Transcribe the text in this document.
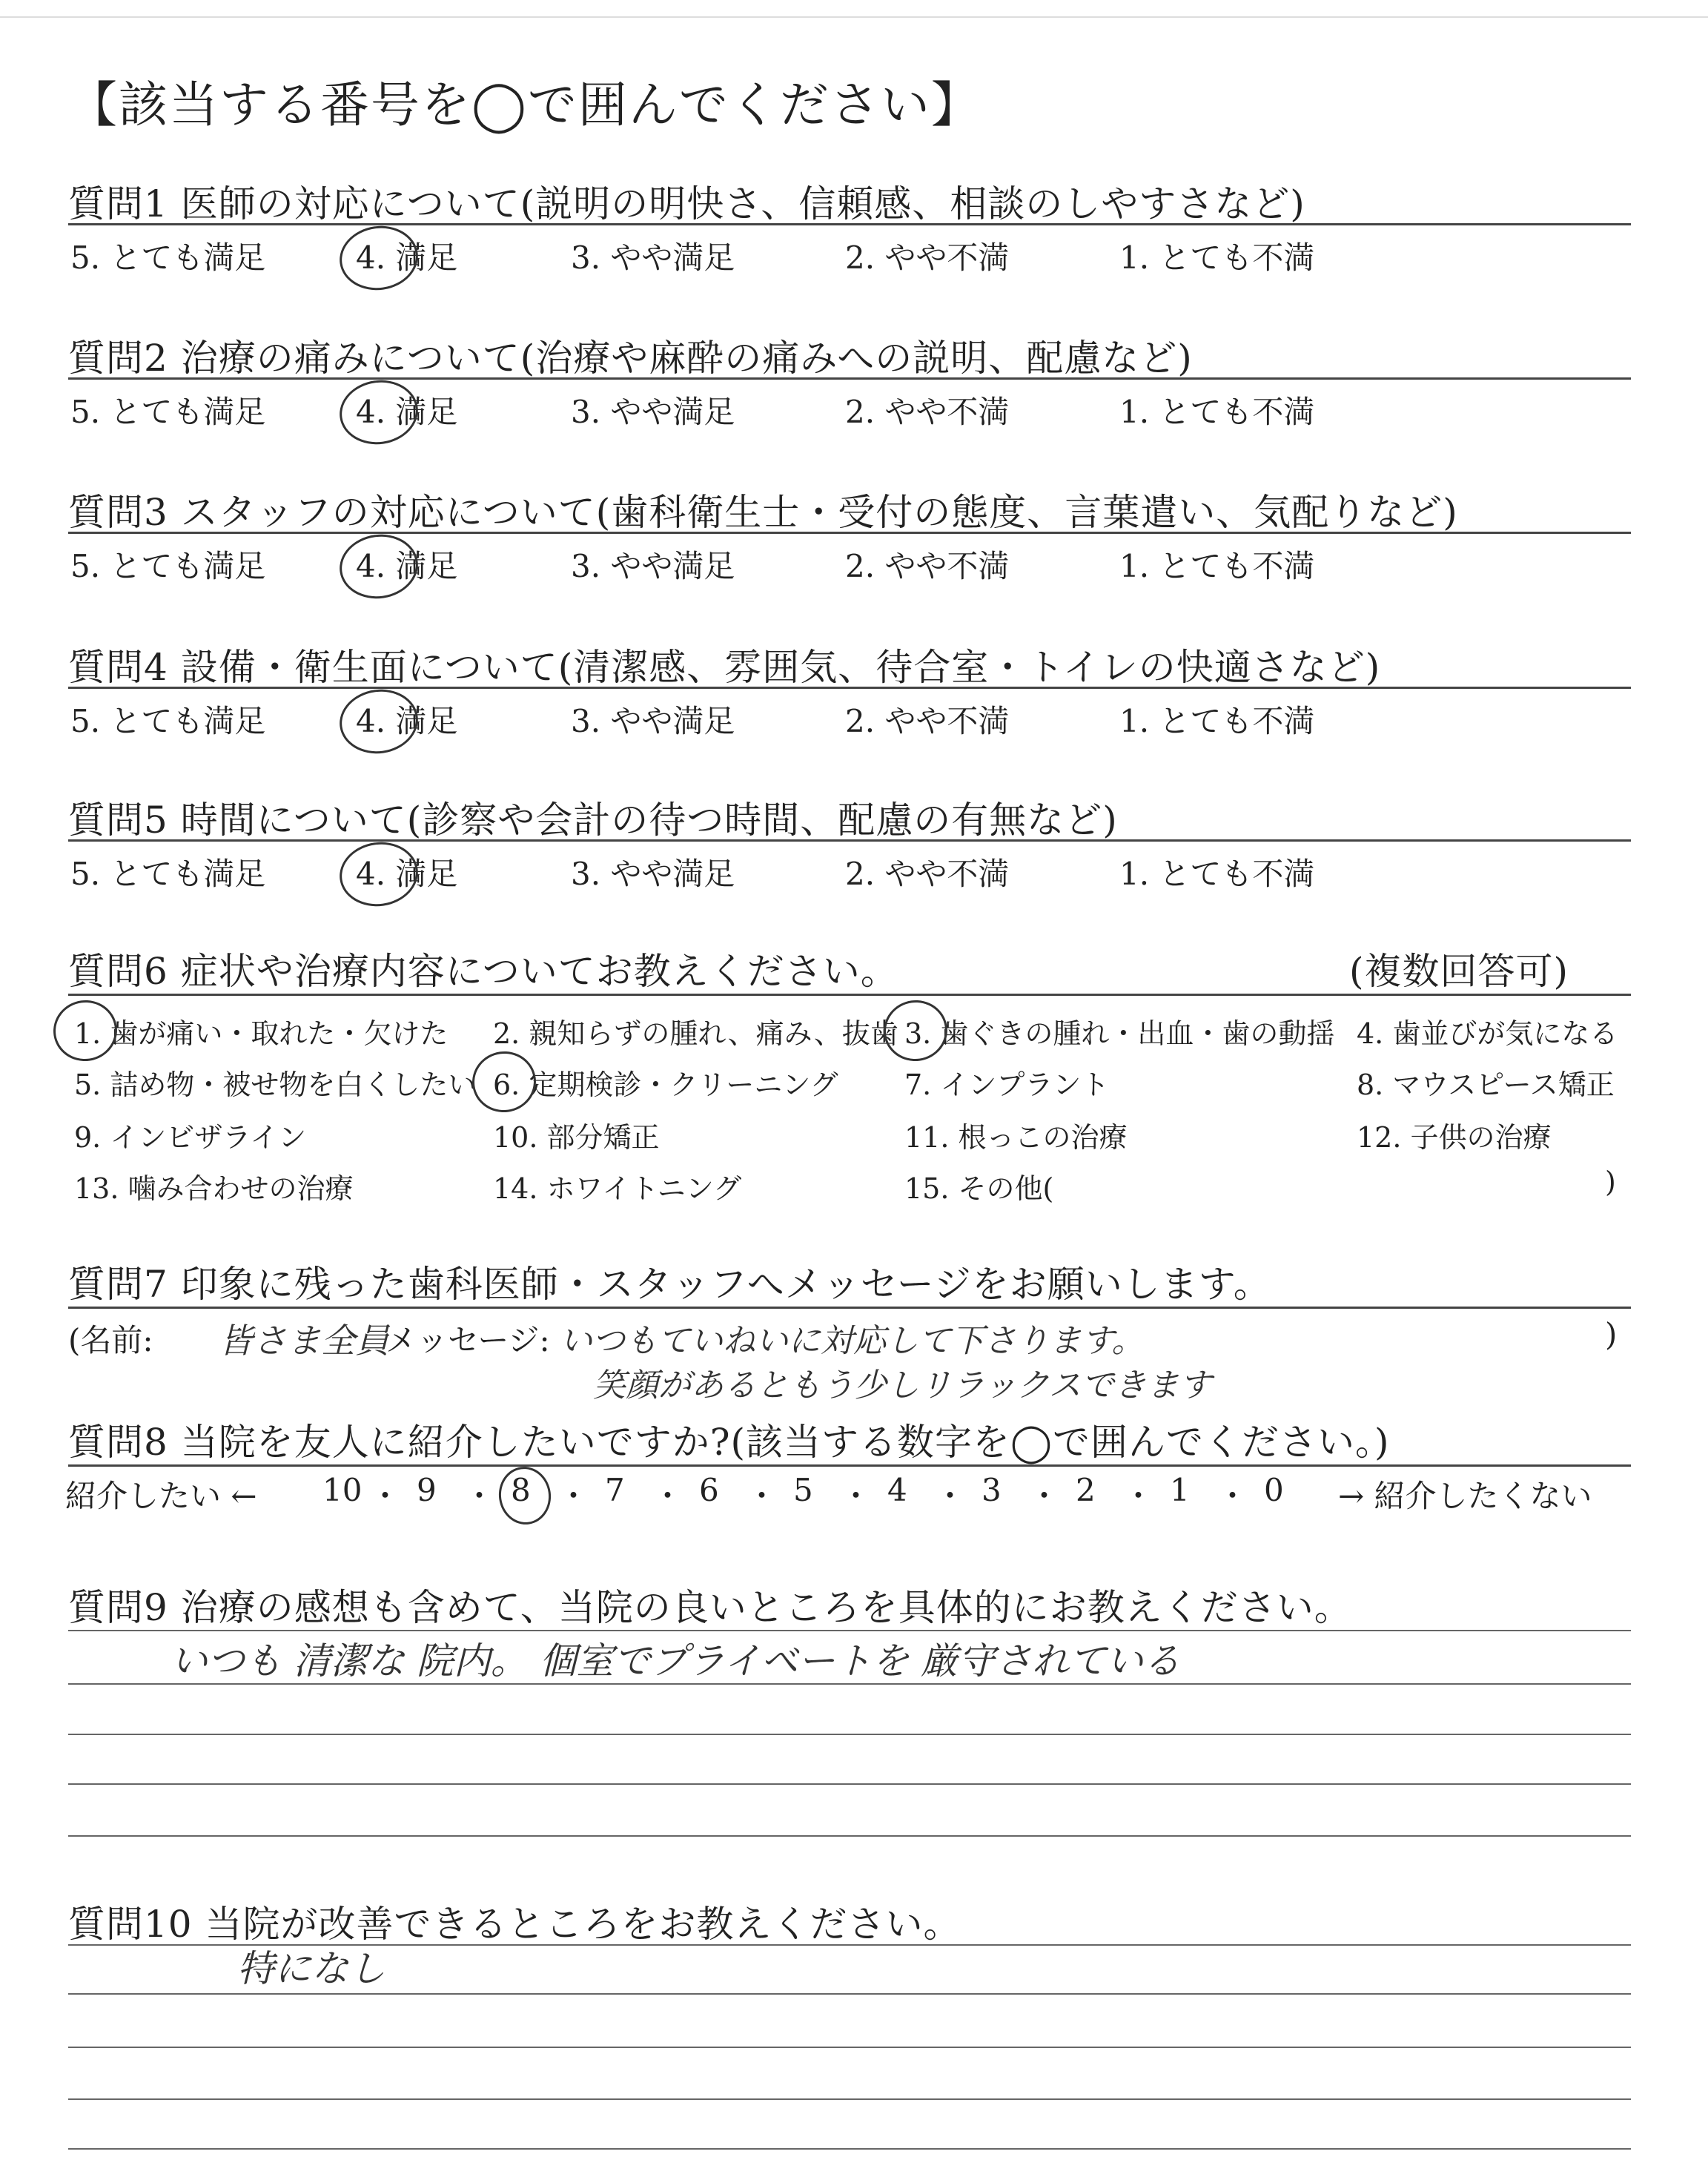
【該当する番号を◯で囲んでください】
質問1 医師の対応について(説明の明快さ、信頼感、相談のしやすさなど)
5. とても満足	4. 満足	3. やや満足	2. やや不満	1. とても不満
質問2 治療の痛みについて(治療や麻酔の痛みへの説明、配慮など)
5. とても満足	4. 満足	3. やや満足	2. やや不満	1. とても不満
質問3 スタッフの対応について(歯科衛生士・受付の態度、言葉遣い、気配りなど)
5. とても満足	4. 満足	3. やや満足	2. やや不満	1. とても不満
質問4 設備・衛生面について(清潔感、雰囲気、待合室・トイレの快適さなど)
5. とても満足	4. 満足	3. やや満足	2. やや不満	1. とても不満
質問5 時間について(診察や会計の待つ時間、配慮の有無など)
5. とても満足	4. 満足	3. やや満足	2. やや不満	1. とても不満
質問6 症状や治療内容についてお教えください。	(複数回答可)
1. 歯が痛い・取れた・欠けた 2. 親知らずの腫れ、痛み、抜歯 3. 歯ぐきの腫れ・出血・歯の動揺 4. 歯並びが気になる
5. 詰め物・被せ物を白くしたい 6. 定期検診・クリーニング 7. インプラント	8. マウスピース矯正
9. インビザライン	10. 部分矯正	11. 根っこの治療	12. 子供の治療
13. 噛み合わせの治療	14. ホワイトニング	15. その他(	)
質問7 印象に残った歯科医師・スタッフへメッセージをお願いします。
(名前: 皆さま全員
メッセージ: いつもていねいに対応して下さります。
笑顔があるともう少しリラックスできます
)
質問8 当院を友人に紹介したいですか?(該当する数字を◯で囲んでください。)
紹介したい ← 10 ・ 9 ・ 8 ・ 7 ・ 6 ・ 5 ・ 4 ・ 3 ・ 2 ・ 1 ・ 0 → 紹介したくない
質問9 治療の感想も含めて、当院の良いところを具体的にお教えください。
いつも 清潔な 院内。 個室でプライベートを 厳守されている
質問10 当院が改善できるところをお教えください。
特になし
